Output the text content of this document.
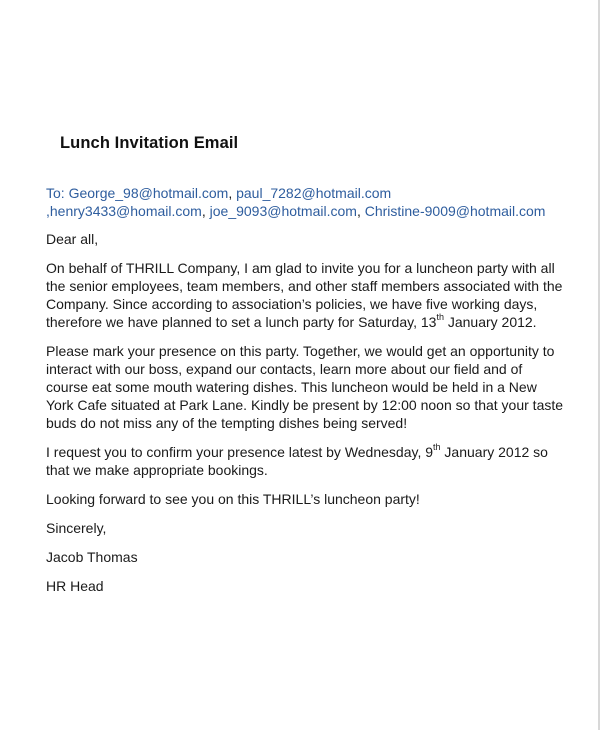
Lunch Invitation Email
To: George_98@hotmail.com, paul_7282@hotmail.com
,henry3433@homail.com, joe_9093@hotmail.com, Christine-9009@hotmail.com

Dear all,

On behalf of THRILL Company, I am glad to invite you for a luncheon party with all
the senior employees, team members, and other staff members associated with the
Company. Since according to association’s policies, we have five working days,
therefore we have planned to set a lunch party for Saturday, 13th January 2012.

Please mark your presence on this party. Together, we would get an opportunity to
interact with our boss, expand our contacts, learn more about our field and of
course eat some mouth watering dishes. This luncheon would be held in a New
York Cafe situated at Park Lane. Kindly be present by 12:00 noon so that your taste
buds do not miss any of the tempting dishes being served!

I request you to confirm your presence latest by Wednesday, 9th January 2012 so
that we make appropriate bookings.

Looking forward to see you on this THRILL’s luncheon party!

Sincerely,

Jacob Thomas

HR Head
